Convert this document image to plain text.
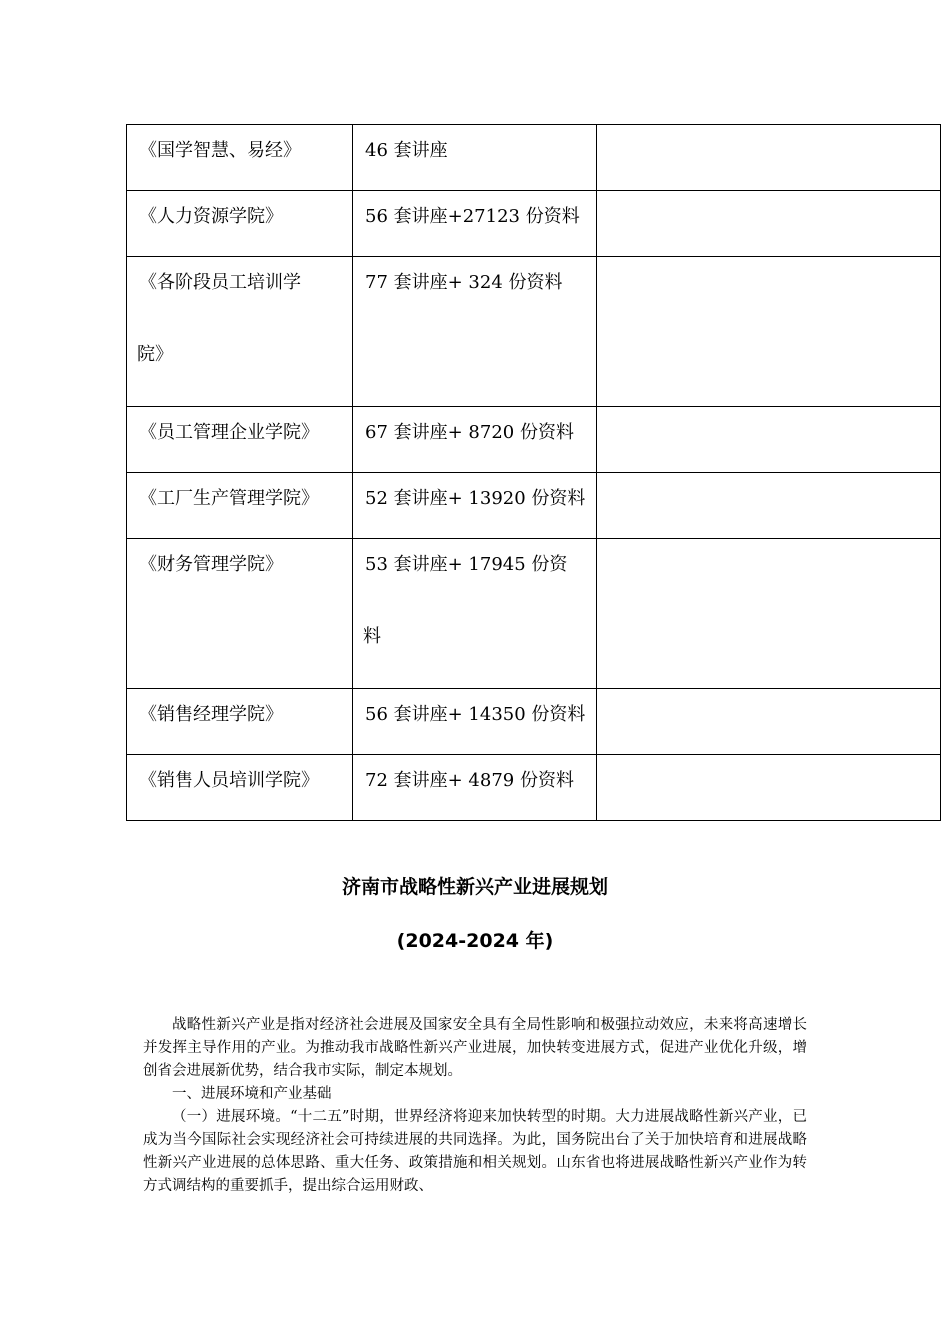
《国学智慧、易经》	46 套讲座	

《人力资源学院》	56 套讲座+27123 份资料	

《各阶段员工培训学
院》	77 套讲座+ 324 份资料	

《员工管理企业学院》	67 套讲座+ 8720 份资料	

《工厂生产管理学院》	52 套讲座+ 13920 份资料	

《财务管理学院》	53 套讲座+ 17945 份资
料	

《销售经理学院》	56 套讲座+ 14350 份资料	

《销售人员培训学院》	72 套讲座+ 4879 份资料	

济南市战略性新兴产业进展规划
(2024-2024 年)

战略性新兴产业是指对经济社会进展及国家安全具有全局性影响和极强拉动效应，未来将高速增长并发挥主导作用的产业。为推动我市战略性新兴产业进展，加快转变进展方式，促进产业优化升级，增创省会进展新优势，结合我市实际，制定本规划。

一、进展环境和产业基础

（一）进展环境。“十二五”时期，世界经济将迎来加快转型的时期。大力进展战略性新兴产业，已成为当今国际社会实现经济社会可持续进展的共同选择。为此，国务院出台了关于加快培育和进展战略性新兴产业进展的总体思路、重大任务、政策措施和相关规划。山东省也将进展战略性新兴产业作为转方式调结构的重要抓手，提出综合运用财政、
